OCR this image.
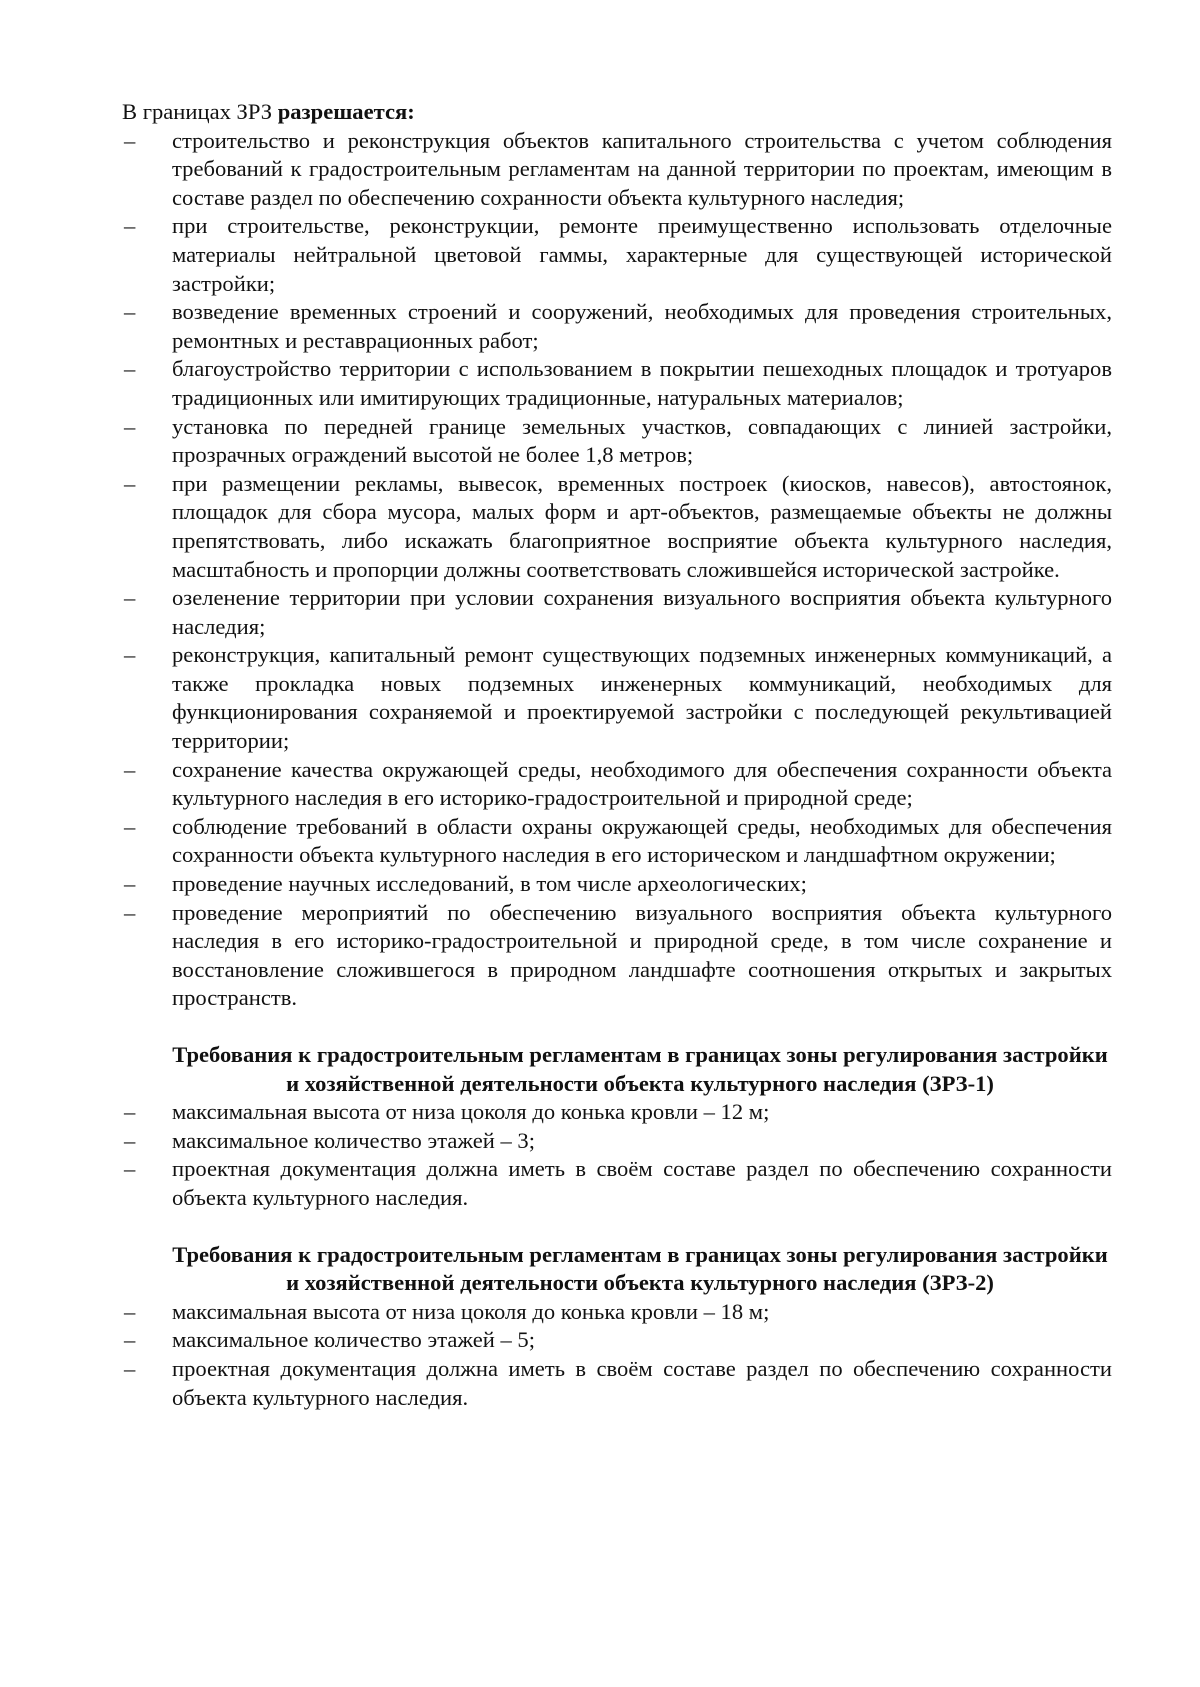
В границах ЗРЗ разрешается:

– строительство и реконструкция объектов капитального строительства с учетом соблюдения требований к градостроительным регламентам на данной территории по проектам, имеющим в составе раздел по обеспечению сохранности объекта культурного наследия;
– при строительстве, реконструкции, ремонте преимущественно использовать отделочные материалы нейтральной цветовой гаммы, характерные для существующей исторической застройки;
– возведение временных строений и сооружений, необходимых для проведения строительных, ремонтных и реставрационных работ;
– благоустройство территории с использованием в покрытии пешеходных площадок и тротуаров традиционных или имитирующих традиционные, натуральных материалов;
– установка по передней границе земельных участков, совпадающих с линией застройки, прозрачных ограждений высотой не более 1,8 метров;
– при размещении рекламы, вывесок, временных построек (киосков, навесов), автостоянок, площадок для сбора мусора, малых форм и арт-объектов, размещаемые объекты не должны препятствовать, либо искажать благоприятное восприятие объекта культурного наследия, масштабность и пропорции должны соответствовать сложившейся исторической застройке.
– озеленение территории при условии сохранения визуального восприятия объекта культурного наследия;
– реконструкция, капитальный ремонт существующих подземных инженерных коммуникаций, а также прокладка новых подземных инженерных коммуникаций, необходимых для функционирования сохраняемой и проектируемой застройки с последующей рекультивацией территории;
– сохранение качества окружающей среды, необходимого для обеспечения сохранности объекта культурного наследия в его историко-градостроительной и природной среде;
– соблюдение требований в области охраны окружающей среды, необходимых для обеспечения сохранности объекта культурного наследия в его историческом и ландшафтном окружении;
– проведение научных исследований, в том числе археологических;
– проведение мероприятий по обеспечению визуального восприятия объекта культурного наследия в его историко-градостроительной и природной среде, в том числе сохранение и восстановление сложившегося в природном ландшафте соотношения открытых и закрытых пространств.

Требования к градостроительным регламентам в границах зоны регулирования застройки и хозяйственной деятельности объекта культурного наследия (ЗРЗ-1)

– максимальная высота от низа цоколя до конька кровли – 12 м;
– максимальное количество этажей – 3;
– проектная документация должна иметь в своём составе раздел по обеспечению сохранности объекта культурного наследия.

Требования к градостроительным регламентам в границах зоны регулирования застройки и хозяйственной деятельности объекта культурного наследия (ЗРЗ-2)

– максимальная высота от низа цоколя до конька кровли – 18 м;
– максимальное количество этажей – 5;
– проектная документация должна иметь в своём составе раздел по обеспечению сохранности объекта культурного наследия.
